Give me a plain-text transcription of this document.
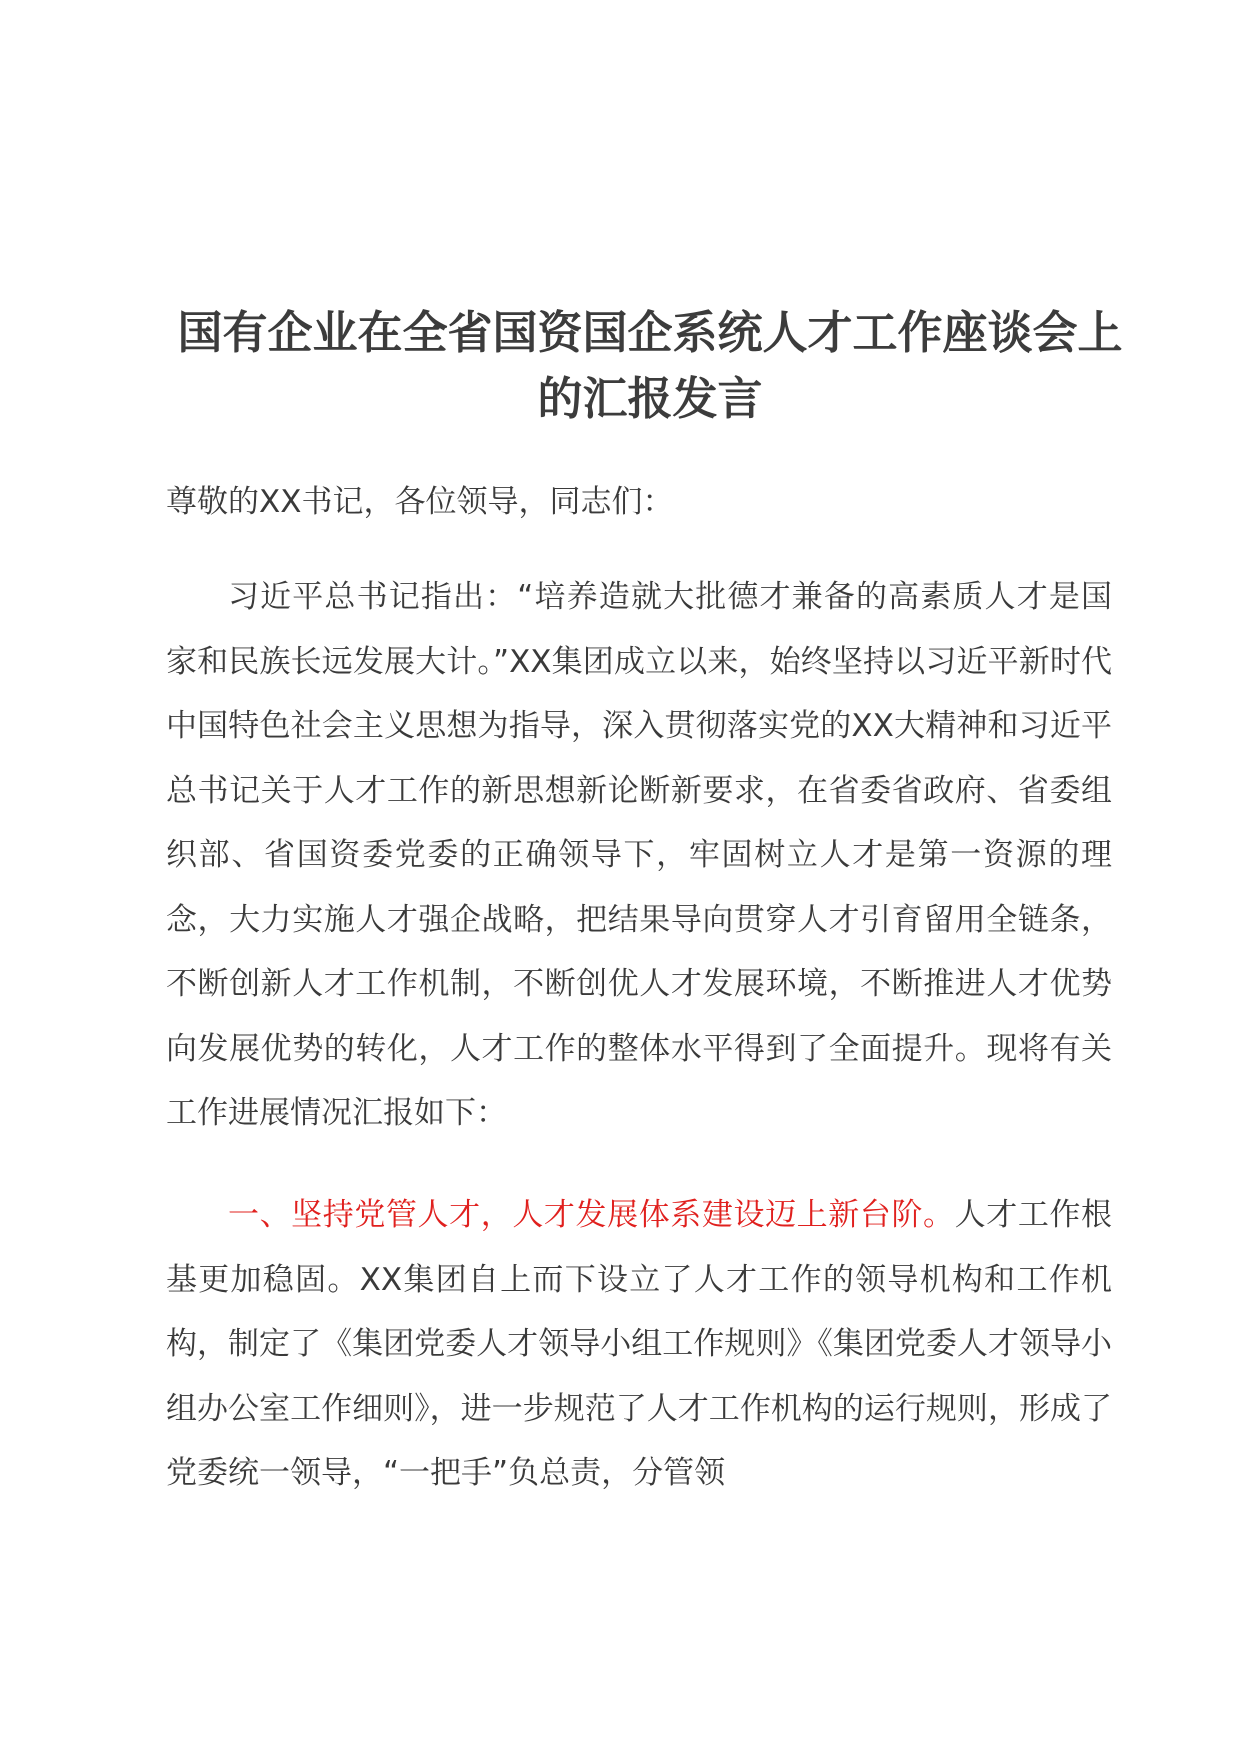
国有企业在全省国资国企系统人才工作座谈会上的汇报发言

尊敬的XX书记，各位领导，同志们：

习近平总书记指出：“培养造就大批德才兼备的高素质人才是国家和民族长远发展大计。”XX集团成立以来，始终坚持以习近平新时代中国特色社会主义思想为指导，深入贯彻落实党的XX大精神和习近平总书记关于人才工作的新思想新论断新要求，在省委省政府、省委组织部、省国资委党委的正确领导下，牢固树立人才是第一资源的理念，大力实施人才强企战略，把结果导向贯穿人才引育留用全链条，不断创新人才工作机制，不断创优人才发展环境，不断推进人才优势向发展优势的转化，人才工作的整体水平得到了全面提升。现将有关工作进展情况汇报如下：

一、坚持党管人才，人才发展体系建设迈上新台阶。人才工作根基更加稳固。XX集团自上而下设立了人才工作的领导机构和工作机构，制定了《集团党委人才领导小组工作规则》《集团党委人才领导小组办公室工作细则》，进一步规范了人才工作机构的运行规则，形成了党委统一领导，“一把手”负总责，分管领
